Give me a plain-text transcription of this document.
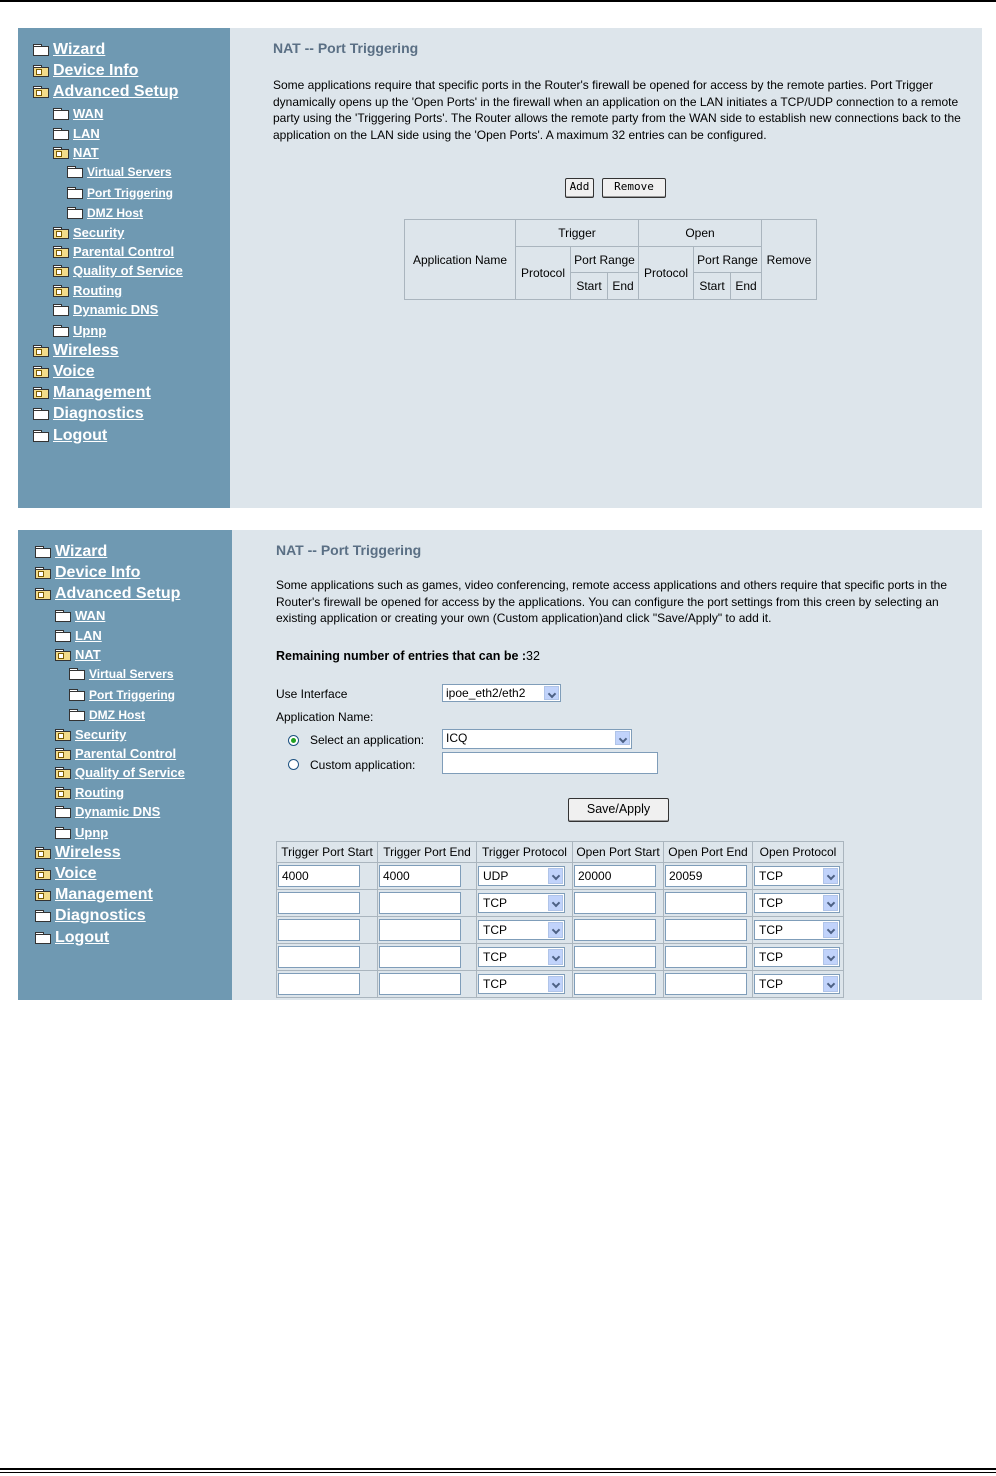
Wizard
Device Info
Advanced Setup
WAN
LAN
NAT
Virtual Servers
Port Triggering
DMZ Host
Security
Parental Control
Quality of Service
Routing
Dynamic DNS
Upnp
Wireless
Voice
Management
Diagnostics
Logout
NAT -- Port Triggering
Some applications require that specific ports in the Router's firewall be opened for access by the remote parties. Port Trigger dynamically opens up the 'Open Ports' in the firewall when an application on the LAN initiates a TCP/UDP connection to a remote party using the 'Triggering Ports'. The Router allows the remote party from the WAN side to establish new connections back to the application on the LAN side using the 'Open Ports'. A maximum 32 entries can be configured.
Add	Remove
Application Name	Trigger			Open			Remove
	Protocol	Port Range		Protocol	Port Range		
		Start	End		Start	End	
Wizard
Device Info
Advanced Setup
WAN
LAN
NAT
Virtual Servers
Port Triggering
DMZ Host
Security
Parental Control
Quality of Service
Routing
Dynamic DNS
Upnp
Wireless
Voice
Management
Diagnostics
Logout
NAT -- Port Triggering
Some applications such as games, video conferencing, remote access applications and others require that specific ports in the Router's firewall be opened for access by the applications. You can configure the port settings from this creen by selecting an existing application or creating your own (Custom application)and click "Save/Apply" to add it.
Remaining number of entries that can be :32
Use Interface	ipoe_eth2/eth2
Application Name:
Select an application:	ICQ
Custom application:
Save/Apply
Trigger Port Start	Trigger Port End	Trigger Protocol	Open Port Start	Open Port End	Open Protocol

4000	4000	UDP	20000	20059	TCP

		TCP			TCP

		TCP			TCP

		TCP			TCP

		TCP			TCP
